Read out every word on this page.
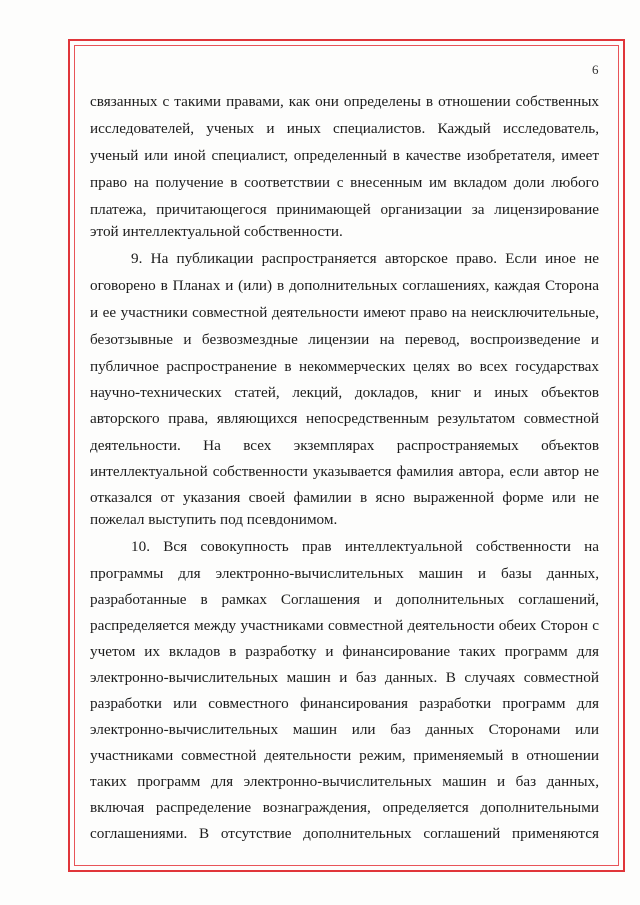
6
связанных с такими правами, как они определены в отношении собственных
исследователей, ученых и иных специалистов. Каждый исследователь,
ученый или иной специалист, определенный в качестве изобретателя, имеет
право на получение в соответствии с внесенным им вкладом доли любого
платежа, причитающегося принимающей организации за лицензирование
этой интеллектуальной собственности.
9. На публикации распространяется авторское право. Если иное не
оговорено в Планах и (или) в дополнительных соглашениях, каждая Сторона
и ее участники совместной деятельности имеют право на неисключительные,
безотзывные и безвозмездные лицензии на перевод, воспроизведение и
публичное распространение в некоммерческих целях во всех государствах
научно-технических статей, лекций, докладов, книг и иных объектов
авторского права, являющихся непосредственным результатом совместной
деятельности. На всех экземплярах распространяемых объектов
интеллектуальной собственности указывается фамилия автора, если автор не
отказался от указания своей фамилии в ясно выраженной форме или не
пожелал выступить под псевдонимом.
10. Вся совокупность прав интеллектуальной собственности на
программы для электронно-вычислительных машин и базы данных,
разработанные в рамках Соглашения и дополнительных соглашений,
распределяется между участниками совместной деятельности обеих Сторон с
учетом их вкладов в разработку и финансирование таких программ для
электронно-вычислительных машин и баз данных. В случаях совместной
разработки или совместного финансирования разработки программ для
электронно-вычислительных машин или баз данных Сторонами или
участниками совместной деятельности режим, применяемый в отношении
таких программ для электронно-вычислительных машин и баз данных,
включая распределение вознаграждения, определяется дополнительными
соглашениями. В отсутствие дополнительных соглашений применяются
